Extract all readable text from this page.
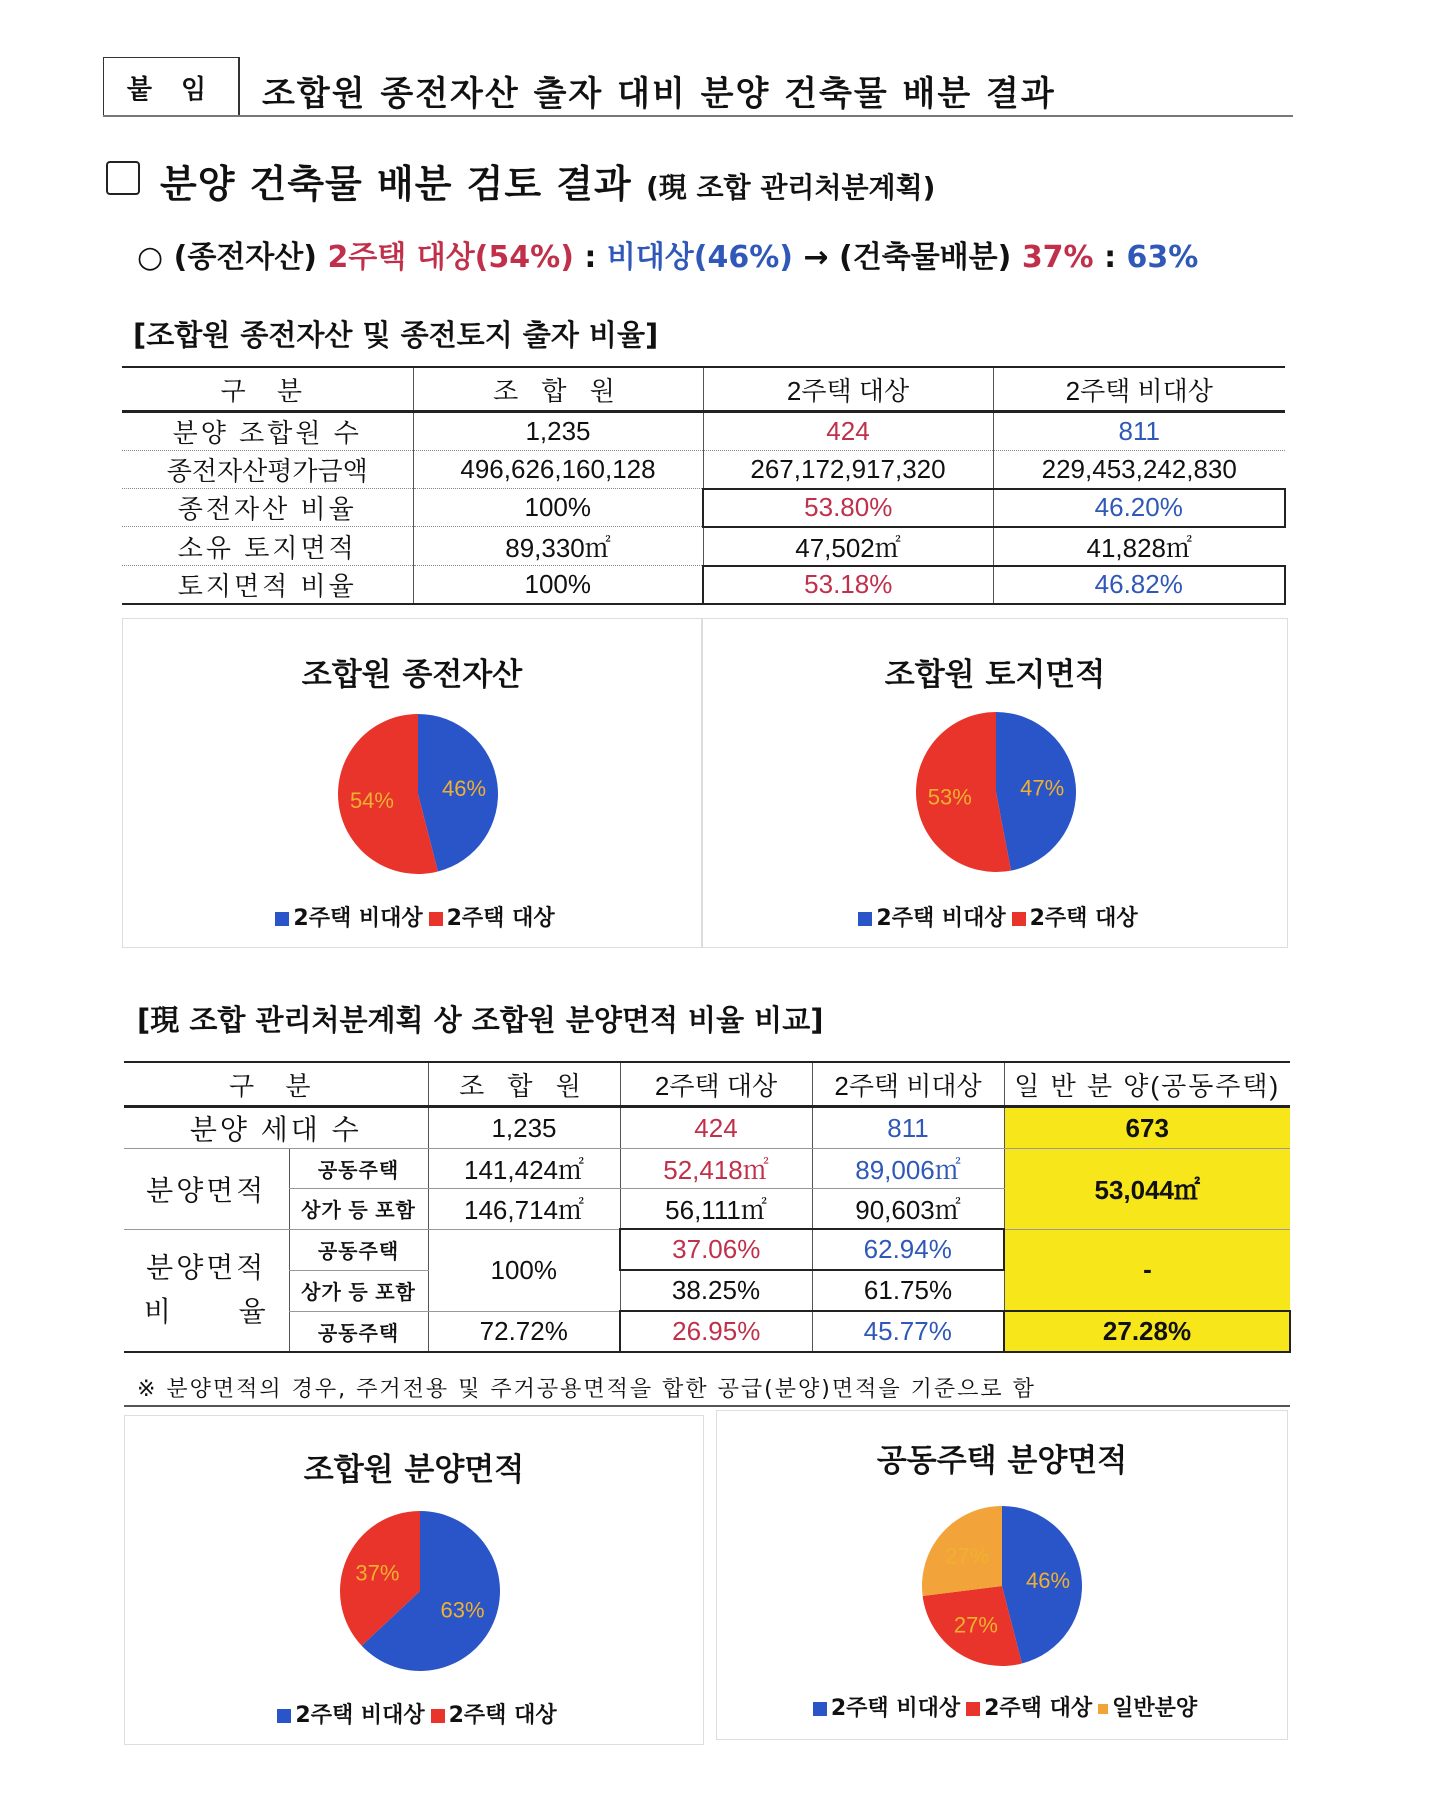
붙 임	조합원 종전자산 출자 대비 분양 건축물 배분 결과
분양 건축물 배분 검토 결과 (現 조합 관리처분계획)
○ (종전자산) 2주택 대상(54%) : 비대상(46%) → (건축물배분) 37% : 63%
[조합원 종전자산 및 종전토지 출자 비율]
구 분	조 합 원	2주택 대상	2주택 비대상
분양 조합원 수	1,235	424	811
종전자산평가금액	496,626,160,128	267,172,917,320	229,453,242,830
종전자산 비율	100%	53.80%	46.20%
소유 토지면적	89,330㎡	47,502㎡	41,828㎡
토지면적 비율	100%	53.18%	46.82%
조합원 종전자산
46%
54%
2주택 비대상 2주택 대상
조합원 토지면적
47%
53%
2주택 비대상 2주택 대상
[現 조합 관리처분계획 상 조합원 분양면적 비율 비교]
구 분		조 합 원	2주택 대상	2주택 비대상	일 반 분 양(공동주택)
분양 세대 수		1,235	424	811	673
분양면적	공동주택	141,424㎡	52,418㎡	89,006㎡	53,044㎡
	상가 등 포함	146,714㎡	56,111㎡	90,603㎡	

분양면적
비      율	공동주택	100%	37.06%	62.94%	-
	상가 등 포함		38.25%	61.75%	
	공동주택	72.72%	26.95%	45.77%	27.28%
※ 분양면적의 경우, 주거전용 및 주거공용면적을 합한 공급(분양)면적을 기준으로 함
조합원 분양면적
63%
37%
2주택 비대상 2주택 대상
공동주택 분양면적
46%
27%
27%
2주택 비대상 2주택 대상 일반분양
